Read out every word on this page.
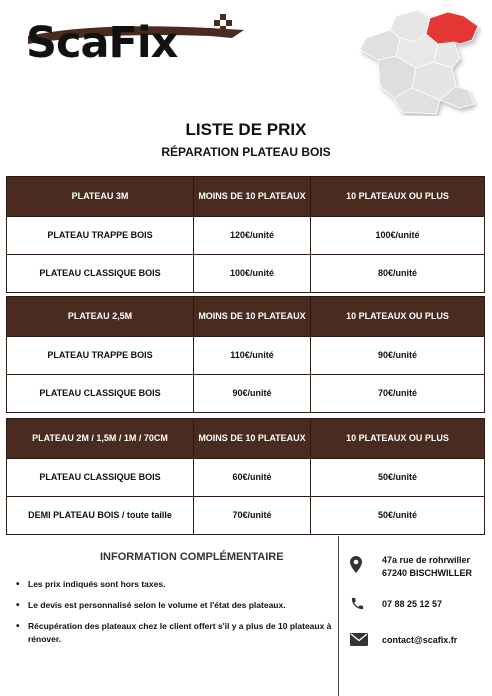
ScaFix
LISTE DE PRIX
RÉPARATION PLATEAU BOIS
PLATEAU 3M	MOINS DE 10 PLATEAUX	10 PLATEAUX OU PLUS
PLATEAU TRAPPE BOIS	120€/unité	100€/unité
PLATEAU CLASSIQUE BOIS	100€/unité	80€/unité
PLATEAU 2,5M	MOINS DE 10 PLATEAUX	10 PLATEAUX OU PLUS
PLATEAU TRAPPE BOIS	110€/unité	90€/unité
PLATEAU CLASSIQUE BOIS	90€/unité	70€/unité
PLATEAU 2M / 1,5M / 1M / 70CM	MOINS DE 10 PLATEAUX	10 PLATEAUX OU PLUS
PLATEAU CLASSIQUE BOIS	60€/unité	50€/unité
DEMI PLATEAU BOIS / toute taille	70€/unité	50€/unité
INFORMATION COMPLÉMENTAIRE
• Les prix indiqués sont hors taxes.
• Le devis est personnalisé selon le volume et l'état des plateaux.
• Récupération des plateaux chez le client offert s'il y a plus de 10 plateaux à rénover.
47a rue de rohrwiller
67240 BISCHWILLER
07 88 25 12 57
contact@scafix.fr
